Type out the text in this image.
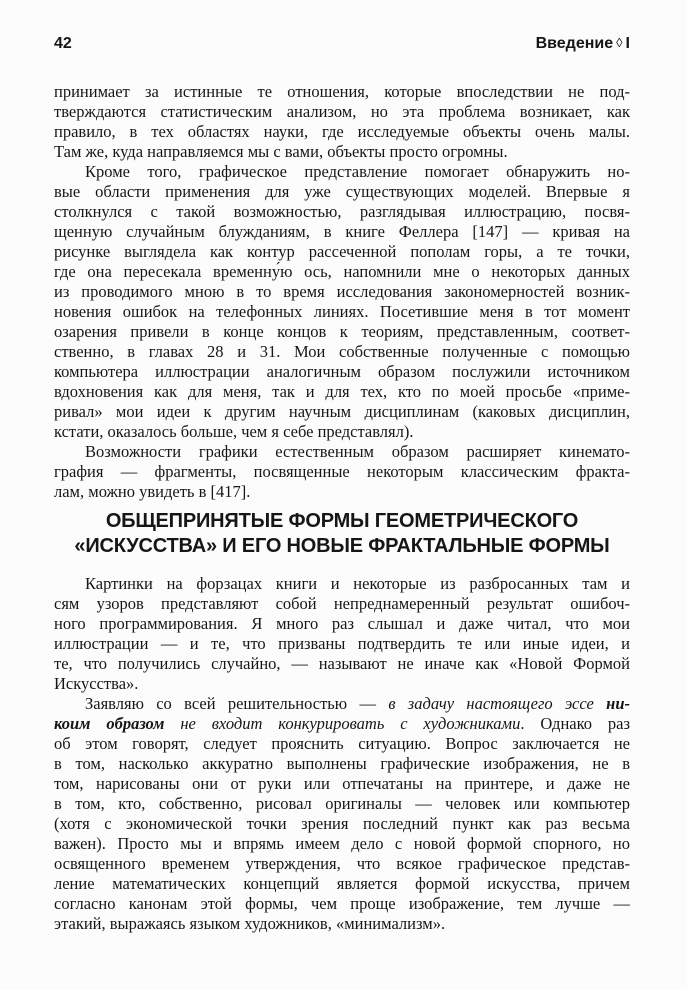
42	Введение ◊ I
принимает за истинные те отношения, которые впоследствии не под-
тверждаются статистическим анализом, но эта проблема возникает, как
правило, в тех областях науки, где исследуемые объекты очень малы.
Там же, куда направляемся мы с вами, объекты просто огромны.
Кроме того, графическое представление помогает обнаружить но-
вые области применения для уже существующих моделей. Впервые я
столкнулся с такой возможностью, разглядывая иллюстрацию, посвя-
щенную случайным блужданиям, в книге Феллера [147] — кривая на
рисунке выглядела как контур рассеченной пополам горы, а те точки,
где она пересекала временну́ю ось, напомнили мне о некоторых данных
из проводимого мною в то время исследования закономерностей возник-
новения ошибок на телефонных линиях. Посетившие меня в тот момент
озарения привели в конце концов к теориям, представленным, соответ-
ственно, в главах 28 и 31. Мои собственные полученные с помощью
компьютера иллюстрации аналогичным образом послужили источником
вдохновения как для меня, так и для тех, кто по моей просьбе «приме-
ривал» мои идеи к другим научным дисциплинам (каковых дисциплин,
кстати, оказалось больше, чем я себе представлял).
Возможности графики естественным образом расширяет кинемато-
графия — фрагменты, посвященные некоторым классическим фракта-
лам, можно увидеть в [417].
ОБЩЕПРИНЯТЫЕ ФОРМЫ ГЕОМЕТРИЧЕСКОГО
«ИСКУССТВА» И ЕГО НОВЫЕ ФРАКТАЛЬНЫЕ ФОРМЫ
Картинки на форзацах книги и некоторые из разбросанных там и
сям узоров представляют собой непреднамеренный результат ошибоч-
ного программирования. Я много раз слышал и даже читал, что мои
иллюстрации — и те, что призваны подтвердить те или иные идеи, и
те, что получились случайно, — называют не иначе как «Новой Формой
Искусства».
Заявляю со всей решительностью — в задачу настоящего эссе ни-
коим образом не входит конкурировать с художниками. Однако раз
об этом говорят, следует прояснить ситуацию. Вопрос заключается не
в том, насколько аккуратно выполнены графические изображения, не в
том, нарисованы они от руки или отпечатаны на принтере, и даже не
в том, кто, собственно, рисовал оригиналы — человек или компьютер
(хотя с экономической точки зрения последний пункт как раз весьма
важен). Просто мы и впрямь имеем дело с новой формой спорного, но
освященного временем утверждения, что всякое графическое представ-
ление математических концепций является формой искусства, причем
согласно канонам этой формы, чем проще изображение, тем лучше —
этакий, выражаясь языком художников, «минимализм».
